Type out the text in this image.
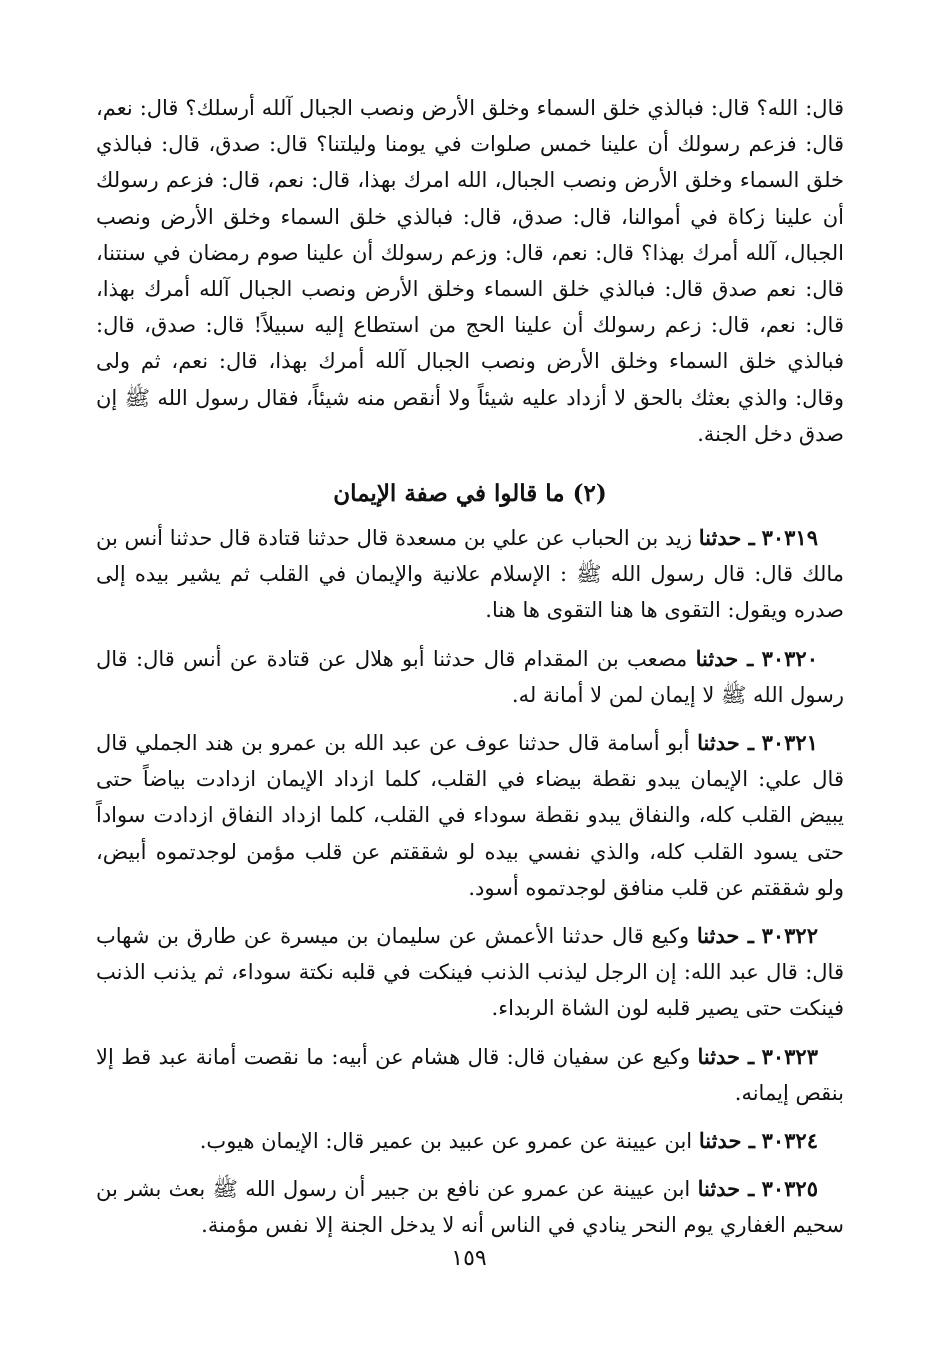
قال: الله؟ قال: فبالذي خلق السماء وخلق الأرض ونصب الجبال آلله أرسلك؟ قال: نعم، قال: فزعم رسولك أن علينا خمس صلوات في يومنا وليلتنا؟ قال: صدق، قال: فبالذي خلق السماء وخلق الأرض ونصب الجبال، الله امرك بهذا، قال: نعم، قال: فزعم رسولك أن علينا زكاة في أموالنا، قال: صدق، قال: فبالذي خلق السماء وخلق الأرض ونصب الجبال، آلله أمرك بهذا؟ قال: نعم، قال: وزعم رسولك أن علينا صوم رمضان في سنتنا، قال: نعم صدق قال: فبالذي خلق السماء وخلق الأرض ونصب الجبال آلله أمرك بهذا، قال: نعم، قال: زعم رسولك أن علينا الحج من استطاع إليه سبيلاً! قال: صدق، قال: فبالذي خلق السماء وخلق الأرض ونصب الجبال آلله أمرك بهذا، قال: نعم، ثم ولى وقال: والذي بعثك بالحق لا أزداد عليه شيئاً ولا أنقص منه شيئاً، فقال رسول الله ﷺ إن صدق دخل الجنة.

(٢) ما قالوا في صفة الإيمان

٣٠٣١٩ ـ حدثنا زيد بن الحباب عن علي بن مسعدة قال حدثنا قتادة قال حدثنا أنس بن مالك قال: قال رسول الله ﷺ : الإسلام علانية والإيمان في القلب ثم يشير بيده إلى صدره ويقول: التقوى ها هنا التقوى ها هنا.

٣٠٣٢٠ ـ حدثنا مصعب بن المقدام قال حدثنا أبو هلال عن قتادة عن أنس قال: قال رسول الله ﷺ لا إيمان لمن لا أمانة له.

٣٠٣٢١ ـ حدثنا أبو أسامة قال حدثنا عوف عن عبد الله بن عمرو بن هند الجملي قال قال علي: الإيمان يبدو نقطة بيضاء في القلب، كلما ازداد الإيمان ازدادت بياضاً حتى يبيض القلب كله، والنفاق يبدو نقطة سوداء في القلب، كلما ازداد النفاق ازدادت سواداً حتى يسود القلب كله، والذي نفسي بيده لو شققتم عن قلب مؤمن لوجدتموه أبيض، ولو شققتم عن قلب منافق لوجدتموه أسود.

٣٠٣٢٢ ـ حدثنا وكيع قال حدثنا الأعمش عن سليمان بن ميسرة عن طارق بن شهاب قال: قال عبد الله: إن الرجل ليذنب الذنب فينكت في قلبه نكتة سوداء، ثم يذنب الذنب فينكت حتى يصير قلبه لون الشاة الربداء.

٣٠٣٢٣ ـ حدثنا وكيع عن سفيان قال: قال هشام عن أبيه: ما نقصت أمانة عبد قط إلا بنقص إيمانه.

٣٠٣٢٤ ـ حدثنا ابن عيينة عن عمرو عن عبيد بن عمير قال: الإيمان هيوب.

٣٠٣٢٥ ـ حدثنا ابن عيينة عن عمرو عن نافع بن جبير أن رسول الله ﷺ بعث بشر بن سحيم الغفاري يوم النحر ينادي في الناس أنه لا يدخل الجنة إلا نفس مؤمنة.

١٥٩
